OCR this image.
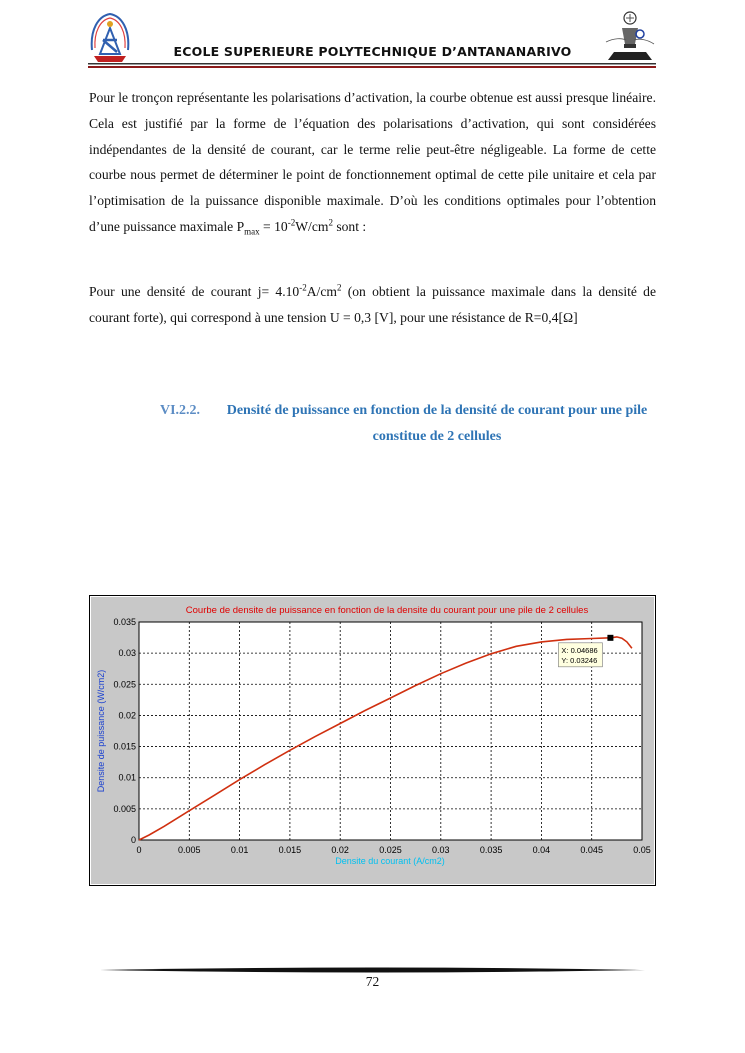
ECOLE SUPERIEURE POLYTECHNIQUE D’ANTANANARIVO
Pour le tronçon représentante les polarisations d’activation, la courbe obtenue est aussi presque linéaire. Cela est justifié par la forme de l’équation des polarisations d’activation, qui sont considérées indépendantes de la densité de courant, car le terme relie peut-être négligeable. La forme de cette courbe nous permet de déterminer le point de fonctionnement optimal de cette pile unitaire et cela par l’optimisation de la puissance disponible maximale. D’où les conditions optimales pour l’obtention d’une puissance maximale $P_{max} = 10^{-2}W/cm^2$ sont :
Pour une densité de courant $j= 4.10^{-2}A/cm^2$ (on obtient la puissance maximale dans la densité de courant forte), qui correspond à une tension U = 0,3 [V], pour une résistance de R=0,4[Ω]
VI.2.2.	Densité de puissance en fonction de la densité de courant pour une pile constitue de 2 cellules
0	0.005	0.01	0.015	0.02	0.025	0.03	0.035	0.04	0.045	0.05
0
0.005
0.01
0.015
0.02
0.025
0.03
0.035
Courbe de densite de puissance en fonction de la densite du courant pour une pile de 2 cellules
Densite du courant (A/cm2)
Densite de puissance (W/cm2)
X: 0.04686
Y: 0.03246
72
